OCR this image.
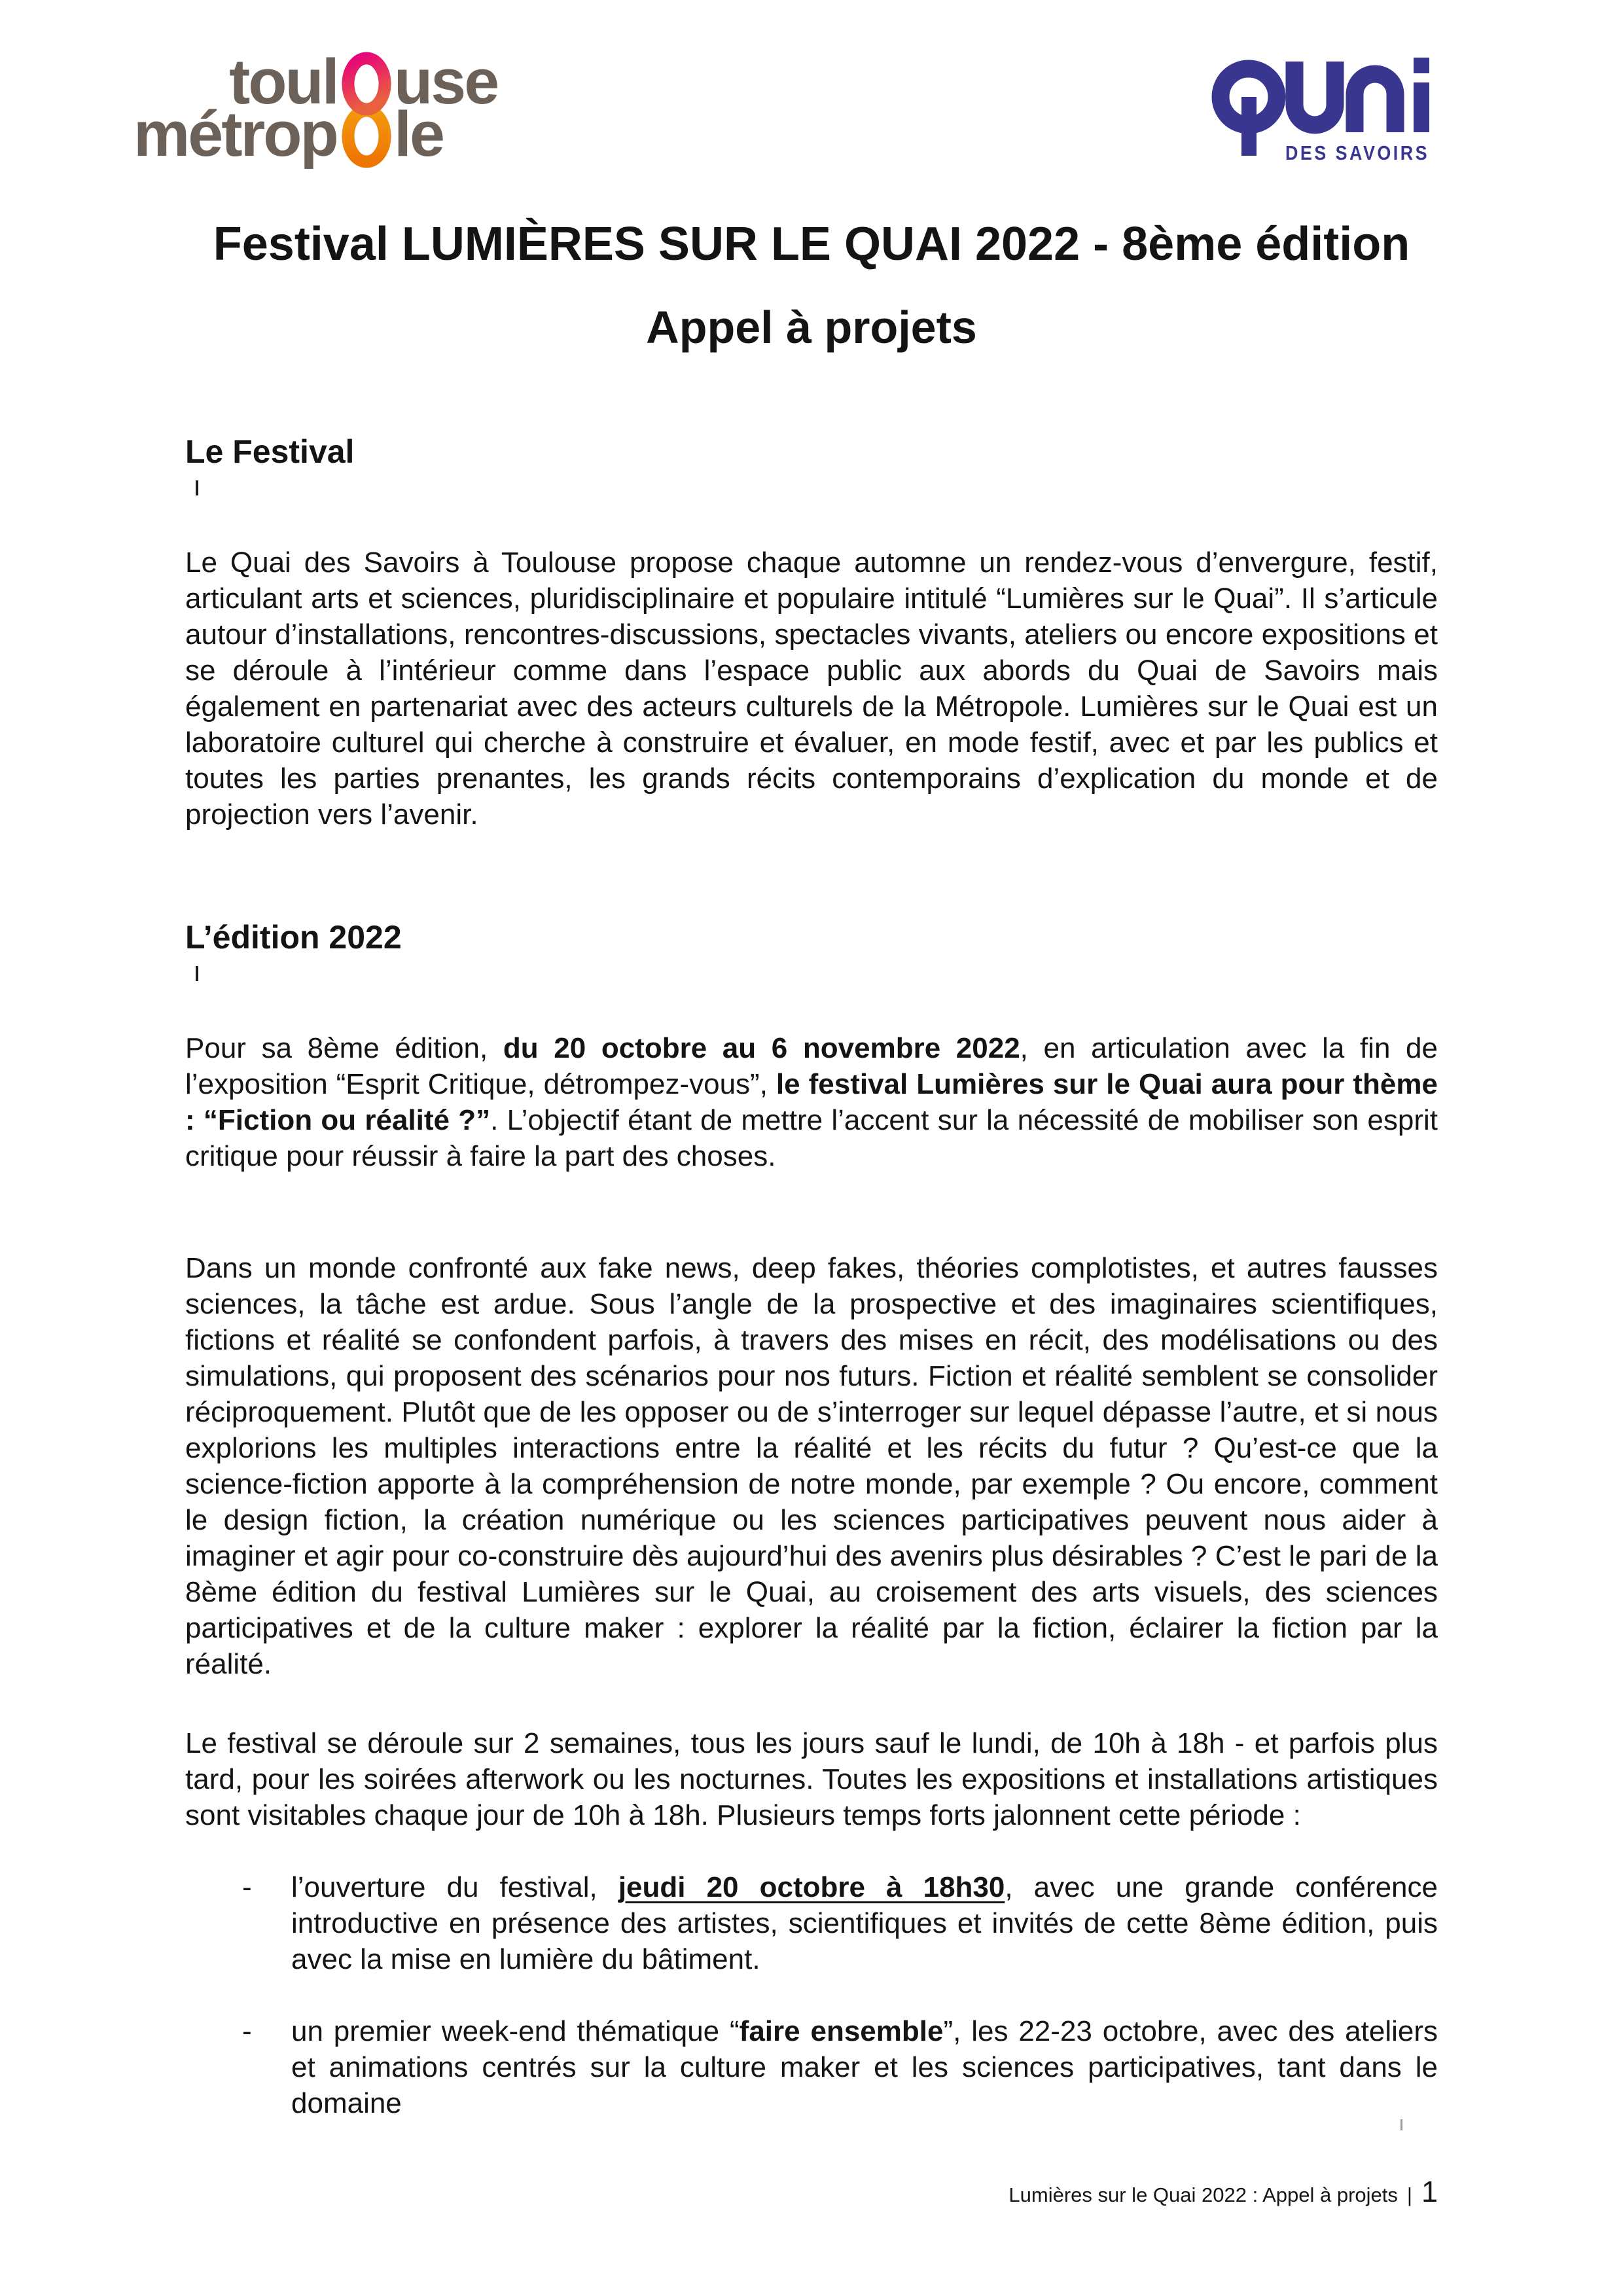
toul use
métrop le	DES SAVOIRS
Festival LUMIÈRES SUR LE QUAI 2022 - 8ème édition
Appel à projets
Le Festival

Le Quai des Savoirs à Toulouse propose chaque automne un rendez-vous d’envergure, festif, articulant arts et sciences, pluridisciplinaire et populaire intitulé “Lumières sur le Quai”. Il s’articule autour d’installations, rencontres-discussions, spectacles vivants, ateliers ou encore expositions et se déroule à l’intérieur comme dans l’espace public aux abords du Quai de Savoirs mais également en partenariat avec des acteurs culturels de la Métropole. Lumières sur le Quai est un laboratoire culturel qui cherche à construire et évaluer, en mode festif, avec et par les publics et toutes les parties prenantes, les grands récits contemporains d’explication du monde et de projection vers l’avenir.

L’édition 2022

Pour sa 8ème édition, du 20 octobre au 6 novembre 2022, en articulation avec la fin de l’exposition “Esprit Critique, détrompez-vous”, le festival Lumières sur le Quai aura pour thème : “Fiction ou réalité ?”. L’objectif étant de mettre l’accent sur la nécessité de mobiliser son esprit critique pour réussir à faire la part des choses.

Dans un monde confronté aux fake news, deep fakes, théories complotistes, et autres fausses sciences, la tâche est ardue. Sous l’angle de la prospective et des imaginaires scientifiques, fictions et réalité se confondent parfois, à travers des mises en récit, des modélisations ou des simulations, qui proposent des scénarios pour nos futurs. Fiction et réalité semblent se consolider réciproquement. Plutôt que de les opposer ou de s’interroger sur lequel dépasse l’autre, et si nous explorions les multiples interactions entre la réalité et les récits du futur ? Qu’est-ce que la science-fiction apporte à la compréhension de notre monde, par exemple ? Ou encore, comment le design fiction, la création numérique ou les sciences participatives peuvent nous aider à imaginer et agir pour co-construire dès aujourd’hui des avenirs plus désirables ? C’est le pari de la 8ème édition du festival Lumières sur le Quai, au croisement des arts visuels, des sciences participatives et de la culture maker : explorer la réalité par la fiction, éclairer la fiction par la réalité.

Le festival se déroule sur 2 semaines, tous les jours sauf le lundi, de 10h à 18h - et parfois plus tard, pour les soirées afterwork ou les nocturnes. Toutes les expositions et installations artistiques sont visitables chaque jour de 10h à 18h. Plusieurs temps forts jalonnent cette période :

-	l’ouverture du festival, jeudi 20 octobre à 18h30, avec une grande conférence introductive en présence des artistes, scientifiques et invités de cette 8ème édition, puis avec la mise en lumière du bâtiment.
-	un premier week-end thématique “faire ensemble”, les 22-23 octobre, avec des ateliers et animations centrés sur la culture maker et les sciences participatives, tant dans le domaine
Lumières sur le Quai 2022 : Appel à projets | 1
